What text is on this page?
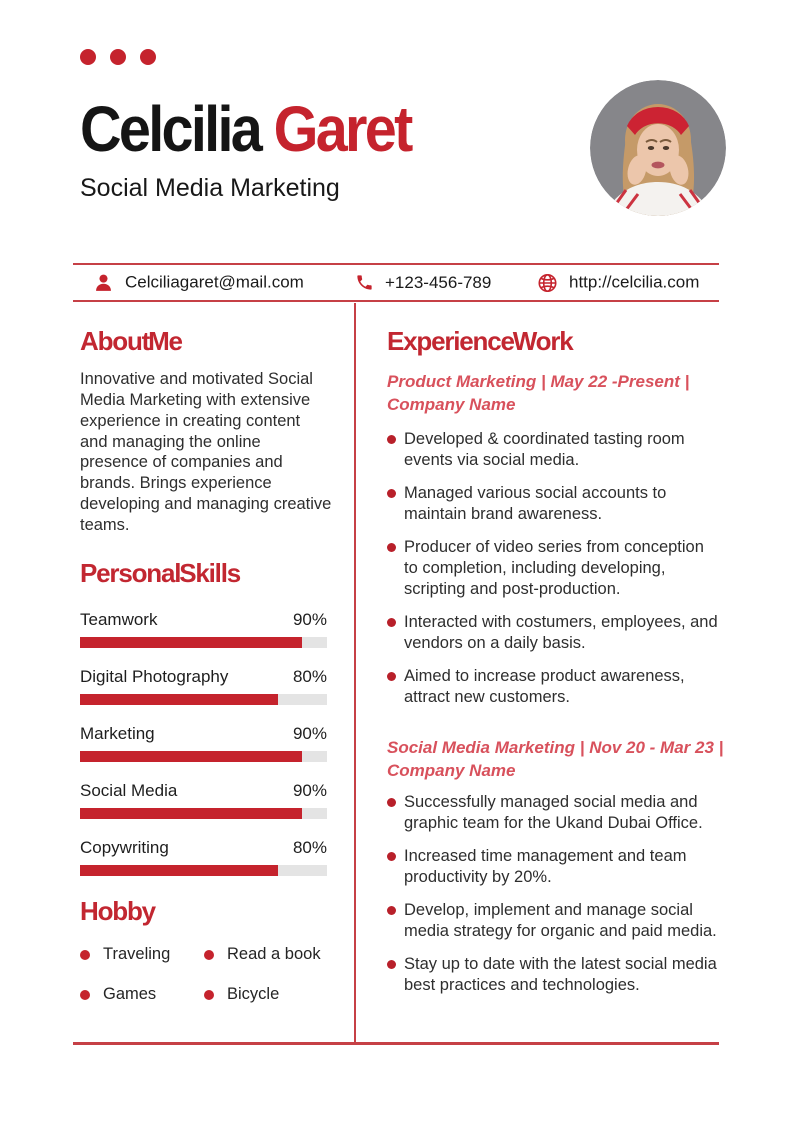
Celcilia Garet
Social Media Marketing
Celciliagaret@mail.com	+123-456-789	http://celcilia.com
About Me

Innovative and motivated Social Media Marketing with extensive experience in creating content and managing the online presence of companies and brands. Brings experience developing and managing creative teams.

Personal Skills
Teamwork	90%
Digital Photography	80%
Marketing	90%
Social Media	90%
Copywriting	80%
Hobby
Traveling	Read a book
Games	Bicycle
Experience Work

Product Marketing | May 22 -Present | Company Name

Developed & coordinated tasting room events via social media.
Managed various social accounts to maintain brand awareness.
Producer of video series from conception to completion, including developing, scripting and post-production.
Interacted with costumers, employees, and vendors on a daily basis.
Aimed to increase product awareness, attract new customers.

Social Media Marketing | Nov 20 - Mar 23 | Company Name

Successfully managed social media and graphic team for the Ukand Dubai Office.
Increased time management and team productivity by 20%.
Develop, implement and manage social media strategy for organic and paid media.
Stay up to date with the latest social media best practices and technologies.
